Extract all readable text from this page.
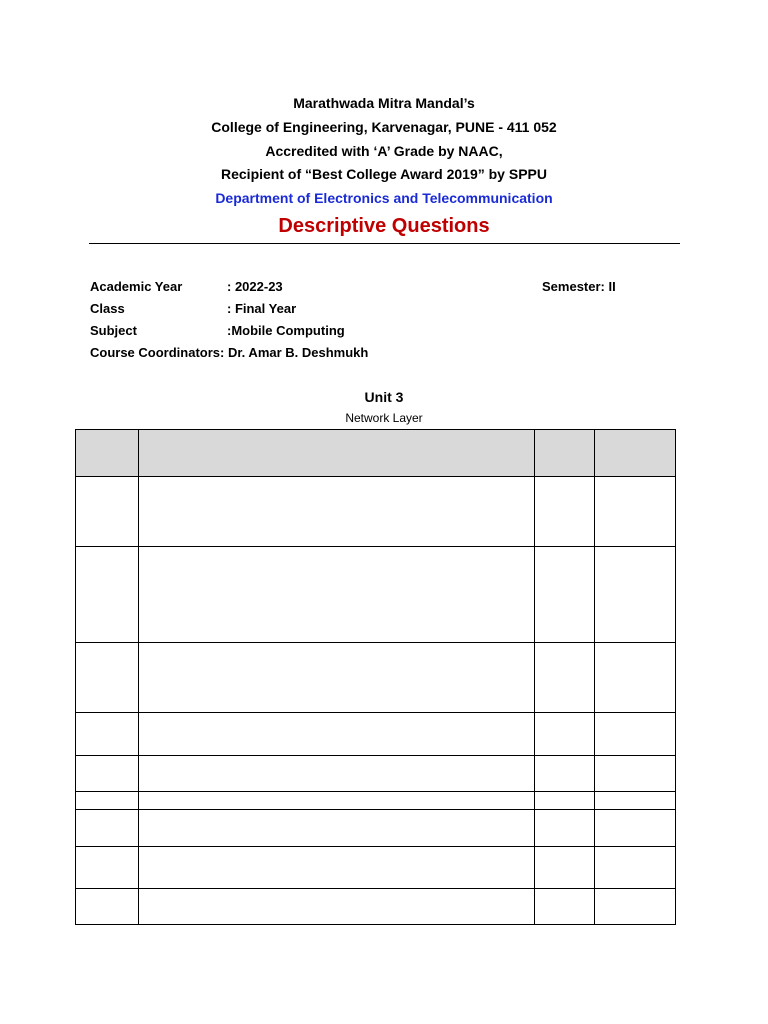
Marathwada Mitra Mandal’s
College of Engineering, Karvenagar, PUNE - 411 052
Accredited with ‘A’ Grade by NAAC,
Recipient of “Best College Award 2019” by SPPU
Department of Electronics and Telecommunication
Descriptive Questions
Academic Year	: 2022-23
Class	: Final Year
Subject	:Mobile Computing
Course Coordinators: Dr. Amar B. Deshmukh
Semester: II
Unit 3
Network Layer
